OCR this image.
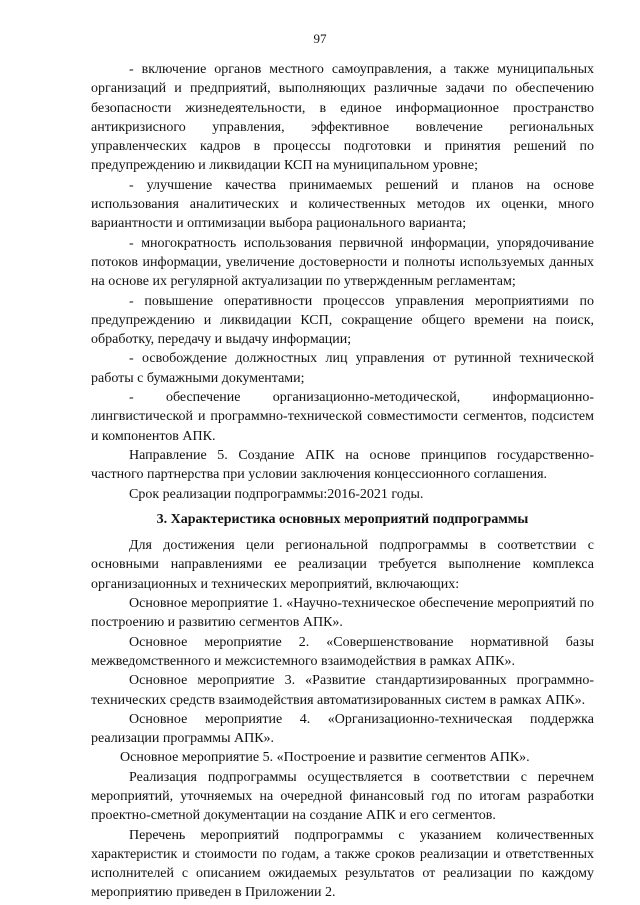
97

- включение органов местного самоуправления, а также муниципальных организаций и предприятий, выполняющих различные задачи по обеспечению безопасности жизнедеятельности, в единое информационное пространство антикризисного управления, эффективное вовлечение региональных управленческих кадров в процессы подготовки и принятия решений по предупреждению и ликвидации КСП на муниципальном уровне;

- улучшение качества принимаемых решений и планов на основе использования аналитических и количественных методов их оценки, много вариантности и оптимизации выбора рационального варианта;

- многократность использования первичной информации, упорядочивание потоков информации, увеличение достоверности и полноты используемых данных на основе их регулярной актуализации по утвержденным регламентам;

- повышение оперативности процессов управления мероприятиями по предупреждению и ликвидации КСП, сокращение общего времени на поиск, обработку, передачу и выдачу информации;

- освобождение должностных лиц управления от рутинной технической работы с бумажными документами;

- обеспечение организационно-методической, информационно-лингвистической и программно-технической совместимости сегментов, подсистем и компонентов АПК.

Направление 5. Создание АПК на основе принципов государственно-частного партнерства при условии заключения концессионного соглашения.

Срок реализации подпрограммы:2016-2021 годы.

3. Характеристика основных мероприятий подпрограммы

Для достижения цели региональной подпрограммы в соответствии с основными направлениями ее реализации требуется выполнение комплекса организационных и технических мероприятий, включающих:

Основное мероприятие 1. «Научно-техническое обеспечение мероприятий по построению и развитию сегментов АПК».

Основное мероприятие 2. «Совершенствование нормативной базы межведомственного и межсистемного взаимодействия в рамках АПК».

Основное мероприятие 3. «Развитие стандартизированных программно-технических средств взаимодействия автоматизированных систем в рамках АПК».

Основное мероприятие 4. «Организационно-техническая поддержка реализации программы АПК».

Основное мероприятие 5. «Построение и развитие сегментов АПК».

Реализация подпрограммы осуществляется в соответствии с перечнем мероприятий, уточняемых на очередной финансовый год по итогам разработки проектно-сметной документации на создание АПК и его сегментов.

Перечень мероприятий подпрограммы с указанием количественных характеристик и стоимости по годам, а также сроков реализации и ответственных исполнителей с описанием ожидаемых результатов от реализации по каждому мероприятию приведен в Приложении 2.
